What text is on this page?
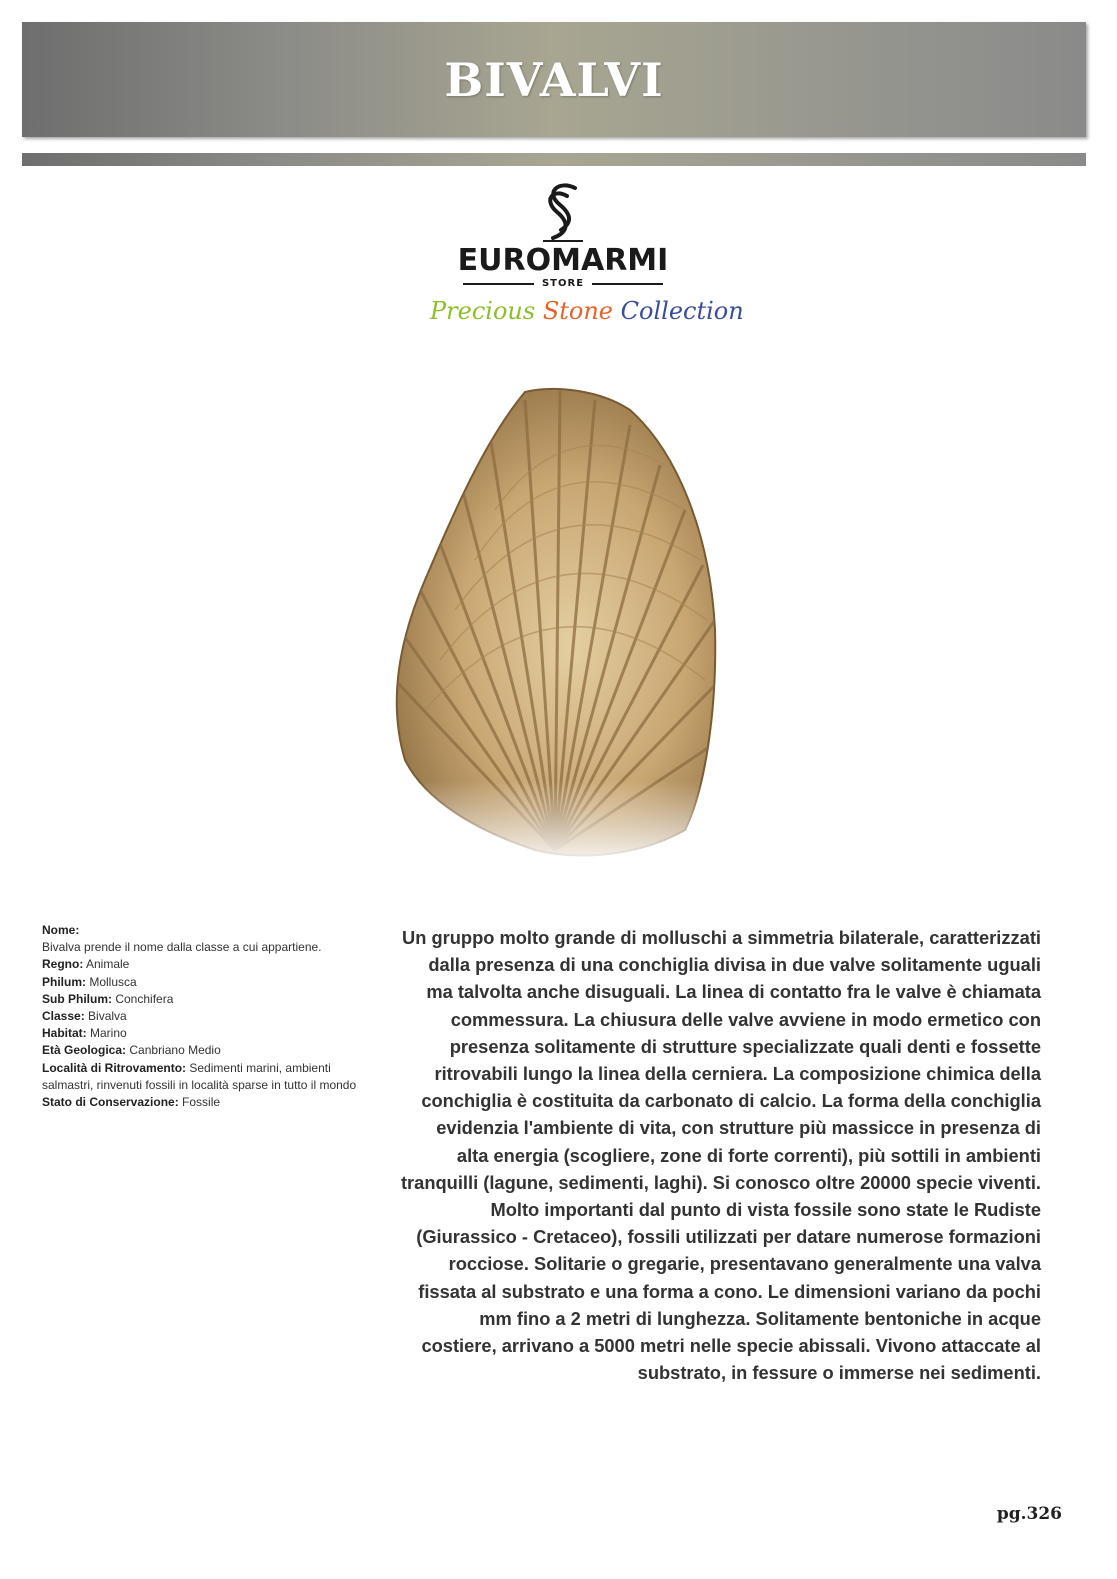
BIVALVI
EUROMARMI
STORE
Precious Stone Collection
Nome:
Bivalva prende il nome dalla classe a cui appartiene.
Regno: Animale
Philum: Mollusca
Sub Philum: Conchifera
Classe: Bivalva
Habitat: Marino
Età Geologica: Canbriano Medio
Località di Ritrovamento: Sedimenti marini, ambienti salmastri, rinvenuti fossili in località sparse in tutto il mondo
Stato di Conservazione: Fossile
Un gruppo molto grande di molluschi a simmetria bilaterale, caratterizzati dalla presenza di una conchiglia divisa in due valve solitamente uguali ma talvolta anche disuguali. La linea di contatto fra le valve è chiamata commessura. La chiusura delle valve avviene in modo ermetico con presenza solitamente di strutture specializzate quali denti e fossette ritrovabili lungo la linea della cerniera. La composizione chimica della conchiglia è costituita da carbonato di calcio. La forma della conchiglia evidenzia l'ambiente di vita, con strutture più massicce in presenza di alta energia (scogliere, zone di forte correnti), più sottili in ambienti tranquilli (lagune, sedimenti, laghi). Si conosco oltre 20000 specie viventi. Molto importanti dal punto di vista fossile sono state le Rudiste (Giurassico - Cretaceo), fossili utilizzati per datare numerose formazioni rocciose. Solitarie o gregarie, presentavano generalmente una valva fissata al substrato e una forma a cono. Le dimensioni variano da pochi mm fino a 2 metri di lunghezza. Solitamente bentoniche in acque costiere, arrivano a 5000 metri nelle specie abissali. Vivono attaccate al substrato, in fessure o immerse nei sedimenti.
pg.326
